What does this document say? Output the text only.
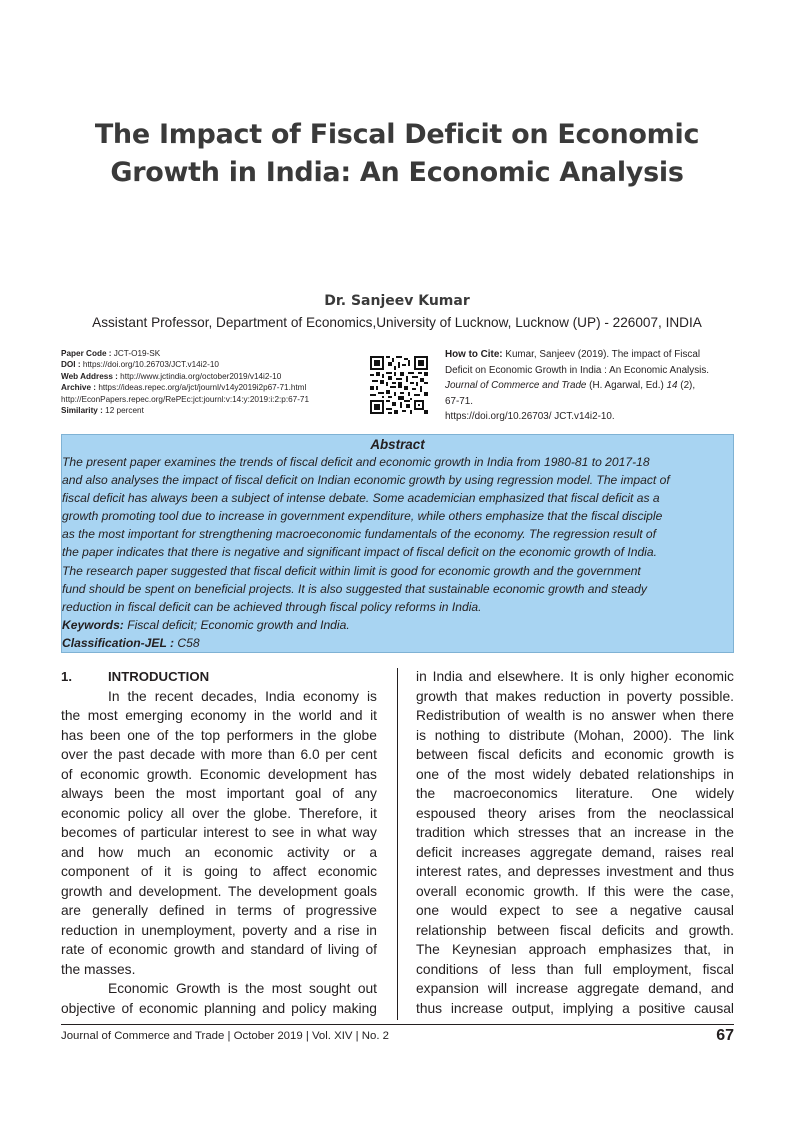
The Impact of Fiscal Deficit on Economic
Growth in India: An Economic Analysis
Dr. Sanjeev Kumar
Assistant Professor, Department of Economics,University of Lucknow, Lucknow (UP) - 226007, INDIA
Paper Code : JCT-O19-SK
DOI : https://doi.org/10.26703/JCT.v14i2-10
Web Address : http://www.jctindia.org/october2019/v14i2-10
Archive : https://ideas.repec.org/a/jct/journl/v14y2019i2p67-71.html
http://EconPapers.repec.org/RePEc:jct:journl:v:14:y:2019:i:2:p:67-71
Similarity : 12 percent
How to Cite: Kumar, Sanjeev (2019). The impact of Fiscal
Deficit on Economic Growth in India : An Economic Analysis.
Journal of Commerce and Trade (H. Agarwal, Ed.) 14 (2),
67-71.
https://doi.org/10.26703/ JCT.v14i2-10.
Abstract
The present paper examines the trends of fiscal deficit and economic growth in India from 1980-81 to 2017-18
and also analyses the impact of fiscal deficit on Indian economic growth by using regression model. The impact of
fiscal deficit has always been a subject of intense debate. Some academician emphasized that fiscal deficit as a
growth promoting tool due to increase in government expenditure, while others emphasize that the fiscal disciple
as the most important for strengthening macroeconomic fundamentals of the economy. The regression result of
the paper indicates that there is negative and significant impact of fiscal deficit on the economic growth of India.
The research paper suggested that fiscal deficit within limit is good for economic growth and the government
fund should be spent on beneficial projects. It is also suggested that sustainable economic growth and steady
reduction in fiscal deficit can be achieved through fiscal policy reforms in India.
Keywords: Fiscal deficit; Economic growth and India.
Classification-JEL : C58
1.	INTRODUCTION
In the recent decades, India economy is
the most emerging economy in the world and it
has been one of the top performers in the globe
over the past decade with more than 6.0 per cent
of economic growth. Economic development has
always been the most important goal of any
economic policy all over the globe. Therefore, it
becomes of particular interest to see in what way
and how much an economic activity or a
component of it is going to affect economic
growth and development. The development goals
are generally defined in terms of progressive
reduction in unemployment, poverty and a rise in
rate of economic growth and standard of living of
the masses.
Economic Growth is the most sought out
objective of economic planning and policy making
in India and elsewhere. It is only higher economic
growth that makes reduction in poverty possible.
Redistribution of wealth is no answer when there
is nothing to distribute (Mohan, 2000). The link
between fiscal deficits and economic growth is
one of the most widely debated relationships in
the macroeconomics literature. One widely
espoused theory arises from the neoclassical
tradition which stresses that an increase in the
deficit increases aggregate demand, raises real
interest rates, and depresses investment and thus
overall economic growth. If this were the case,
one would expect to see a negative causal
relationship between fiscal deficits and growth.
The Keynesian approach emphasizes that, in
conditions of less than full employment, fiscal
expansion will increase aggregate demand, and
thus increase output, implying a positive causal
Journal of Commerce and Trade | October 2019 | Vol. XIV | No. 2	67
